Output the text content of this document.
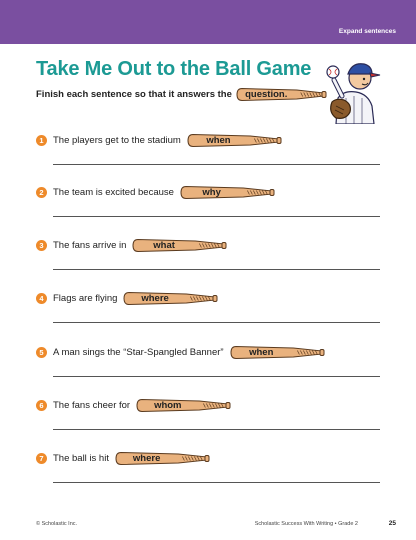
Expand sentences
Take Me Out to the Ball Game
Finish each sentence so that it answers the	question.
1 The players get to the stadium	when
2 The team is excited because	why
3 The fans arrive in	what
4 Flags are flying	where
5 A man sings the “Star-Spangled Banner”	when
6 The fans cheer for	whom
7 The ball is hit	where
© Scholastic Inc.	Scholastic Success With Writing • Grade 2	25
